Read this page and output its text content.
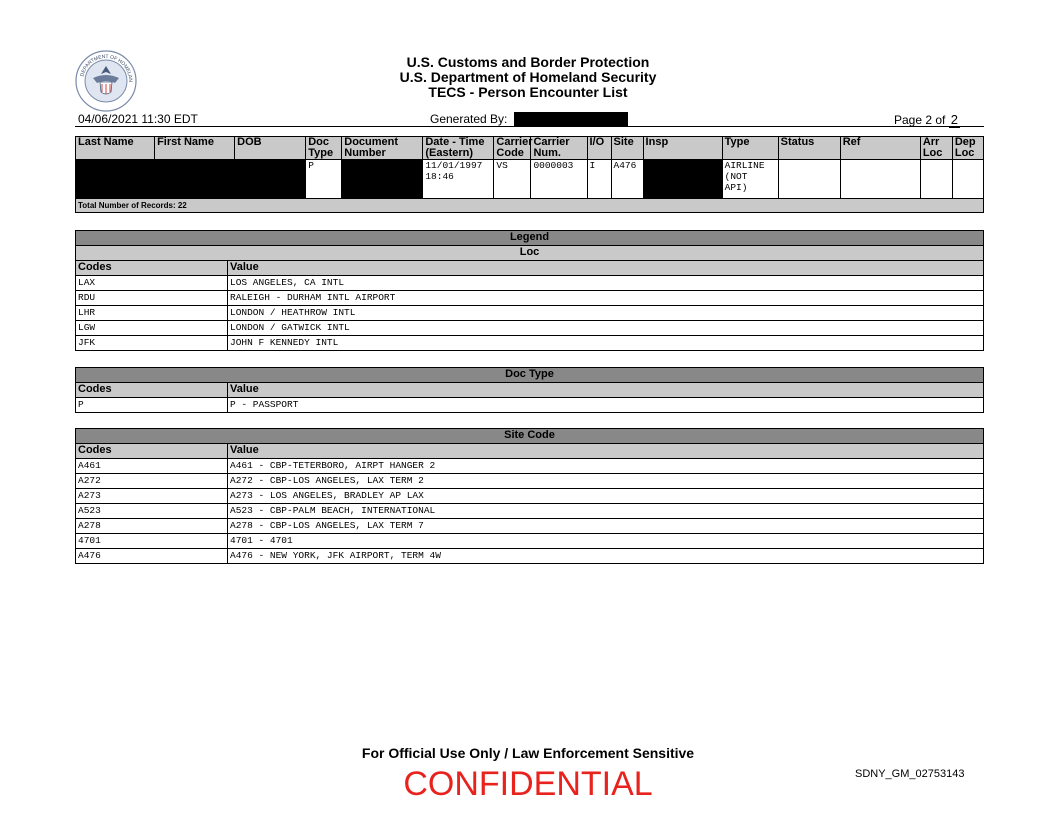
DEPARTMENT OF HOMELAN
U.S. Customs and Border Protection
U.S. Department of Homeland Security
TECS - Person Encounter List
04/06/2021 11:30 EDT	Generated By:	Page 2 of 2
Last Name	First Name	DOB	Doc Type	Document Number	Date - Time (Eastern)	Carrier Code	Carrier Num.	I/O	Site	Insp	Type	Status	Ref	Arr Loc	Dep Loc
			P		11/01/1997 18:46	VS	0000003	I	A476		AIRLINE (NOT API)				
Total Number of Records: 22															
Legend	
Loc	
Codes	Value
LAX	LOS ANGELES, CA INTL
RDU	RALEIGH - DURHAM INTL AIRPORT
LHR	LONDON / HEATHROW INTL
LGW	LONDON / GATWICK INTL
JFK	JOHN F KENNEDY INTL
Doc Type	
Codes	Value
P	P - PASSPORT
Site Code	
Codes	Value
A461	A461 - CBP-TETERBORO, AIRPT HANGER 2
A272	A272 - CBP-LOS ANGELES, LAX TERM 2
A273	A273 - LOS ANGELES, BRADLEY AP LAX
A523	A523 - CBP-PALM BEACH, INTERNATIONAL
A278	A278 - CBP-LOS ANGELES, LAX TERM 7
4701	4701 - 4701
A476	A476 - NEW YORK, JFK AIRPORT, TERM 4W
For Official Use Only / Law Enforcement Sensitive
CONFIDENTIAL	SDNY_GM_02753143
